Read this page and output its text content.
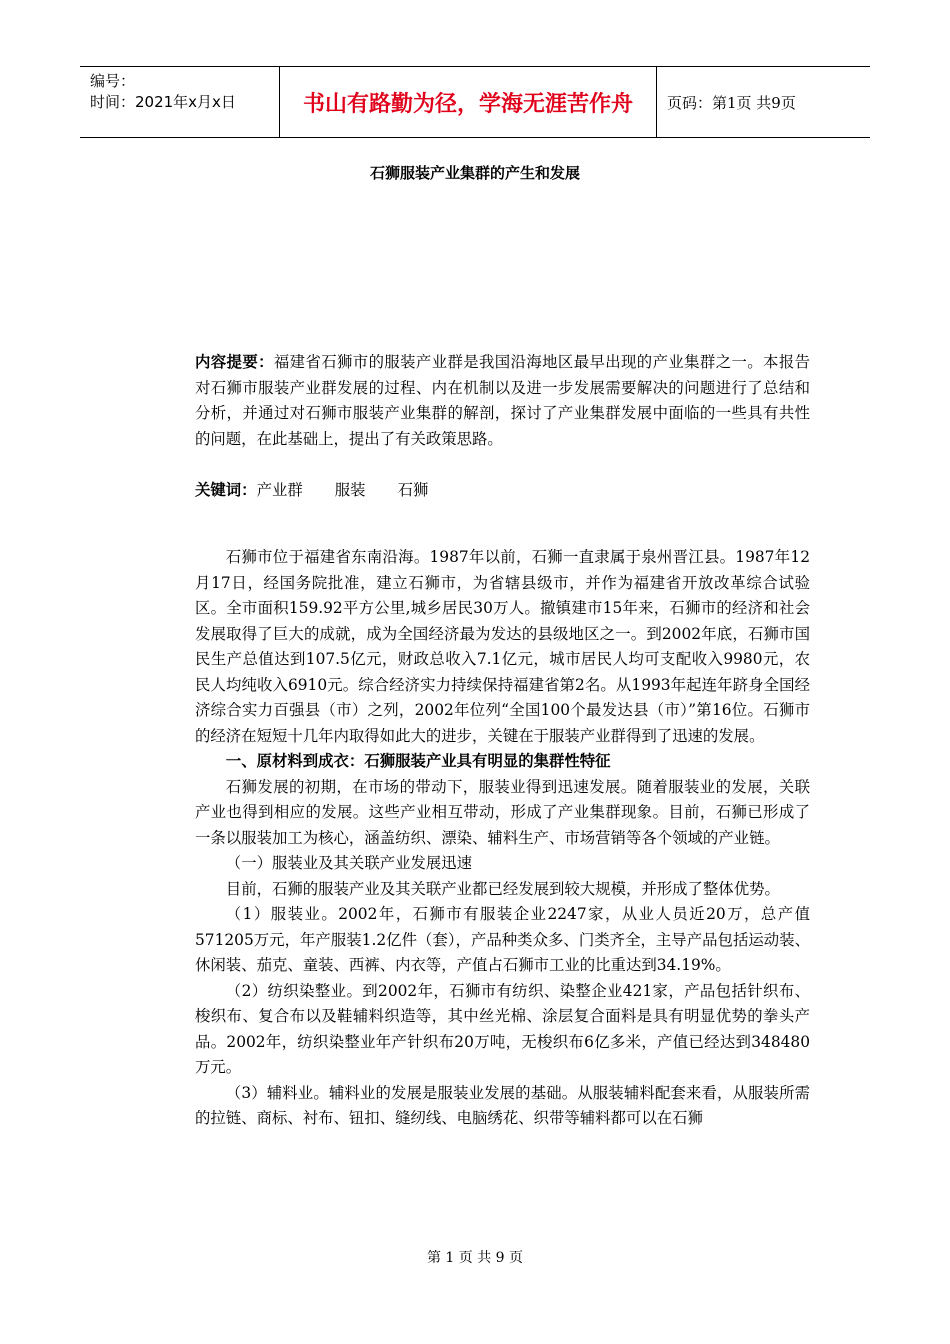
编号：
时间：2021年x月x日	书山有路勤为径，学海无涯苦作舟 页码：第1页 共9页
石狮服装产业集群的产生和发展

内容提要：福建省石狮市的服装产业群是我国沿海地区最早出现的产业集群之一。本报告对石狮市服装产业群发展的过程、内在机制以及进一步发展需要解决的问题进行了总结和分析，并通过对石狮市服装产业集群的解剖，探讨了产业集群发展中面临的一些具有共性的问题，在此基础上，提出了有关政策思路。

关键词：产业群 服装 石狮

石狮市位于福建省东南沿海。1987年以前，石狮一直隶属于泉州晋江县。1987年12月17日，经国务院批准，建立石狮市，为省辖县级市，并作为福建省开放改革综合试验区。全市面积159.92平方公里,城乡居民30万人。撤镇建市15年来，石狮市的经济和社会发展取得了巨大的成就，成为全国经济最为发达的县级地区之一。到2002年底，石狮市国民生产总值达到107.5亿元，财政总收入7.1亿元，城市居民人均可支配收入9980元，农民人均纯收入6910元。综合经济实力持续保持福建省第2名。从1993年起连年跻身全国经济综合实力百强县（市）之列，2002年位列“全国100个最发达县（市）”第16位。石狮市的经济在短短十几年内取得如此大的进步，关键在于服装产业群得到了迅速的发展。

一、原材料到成衣：石狮服装产业具有明显的集群性特征

石狮发展的初期，在市场的带动下，服装业得到迅速发展。随着服装业的发展，关联产业也得到相应的发展。这些产业相互带动，形成了产业集群现象。目前，石狮已形成了一条以服装加工为核心，涵盖纺织、漂染、辅料生产、市场营销等各个领域的产业链。

（一）服装业及其关联产业发展迅速

目前，石狮的服装产业及其关联产业都已经发展到较大规模，并形成了整体优势。

（1）服装业。2002年，石狮市有服装企业2247家，从业人员近20万，总产值571205万元，年产服装1.2亿件（套），产品种类众多、门类齐全，主导产品包括运动装、休闲装、茄克、童装、西裤、内衣等，产值占石狮市工业的比重达到34.19%。

（2）纺织染整业。到2002年，石狮市有纺织、染整企业421家，产品包括针织布、梭织布、复合布以及鞋辅料织造等，其中丝光棉、涂层复合面料是具有明显优势的拳头产品。2002年，纺织染整业年产针织布20万吨，无梭织布6亿多米，产值已经达到348480万元。

（3）辅料业。辅料业的发展是服装业发展的基础。从服装辅料配套来看，从服装所需的拉链、商标、衬布、钮扣、缝纫线、电脑绣花、织带等辅料都可以在石狮

第 1 页 共 9 页
